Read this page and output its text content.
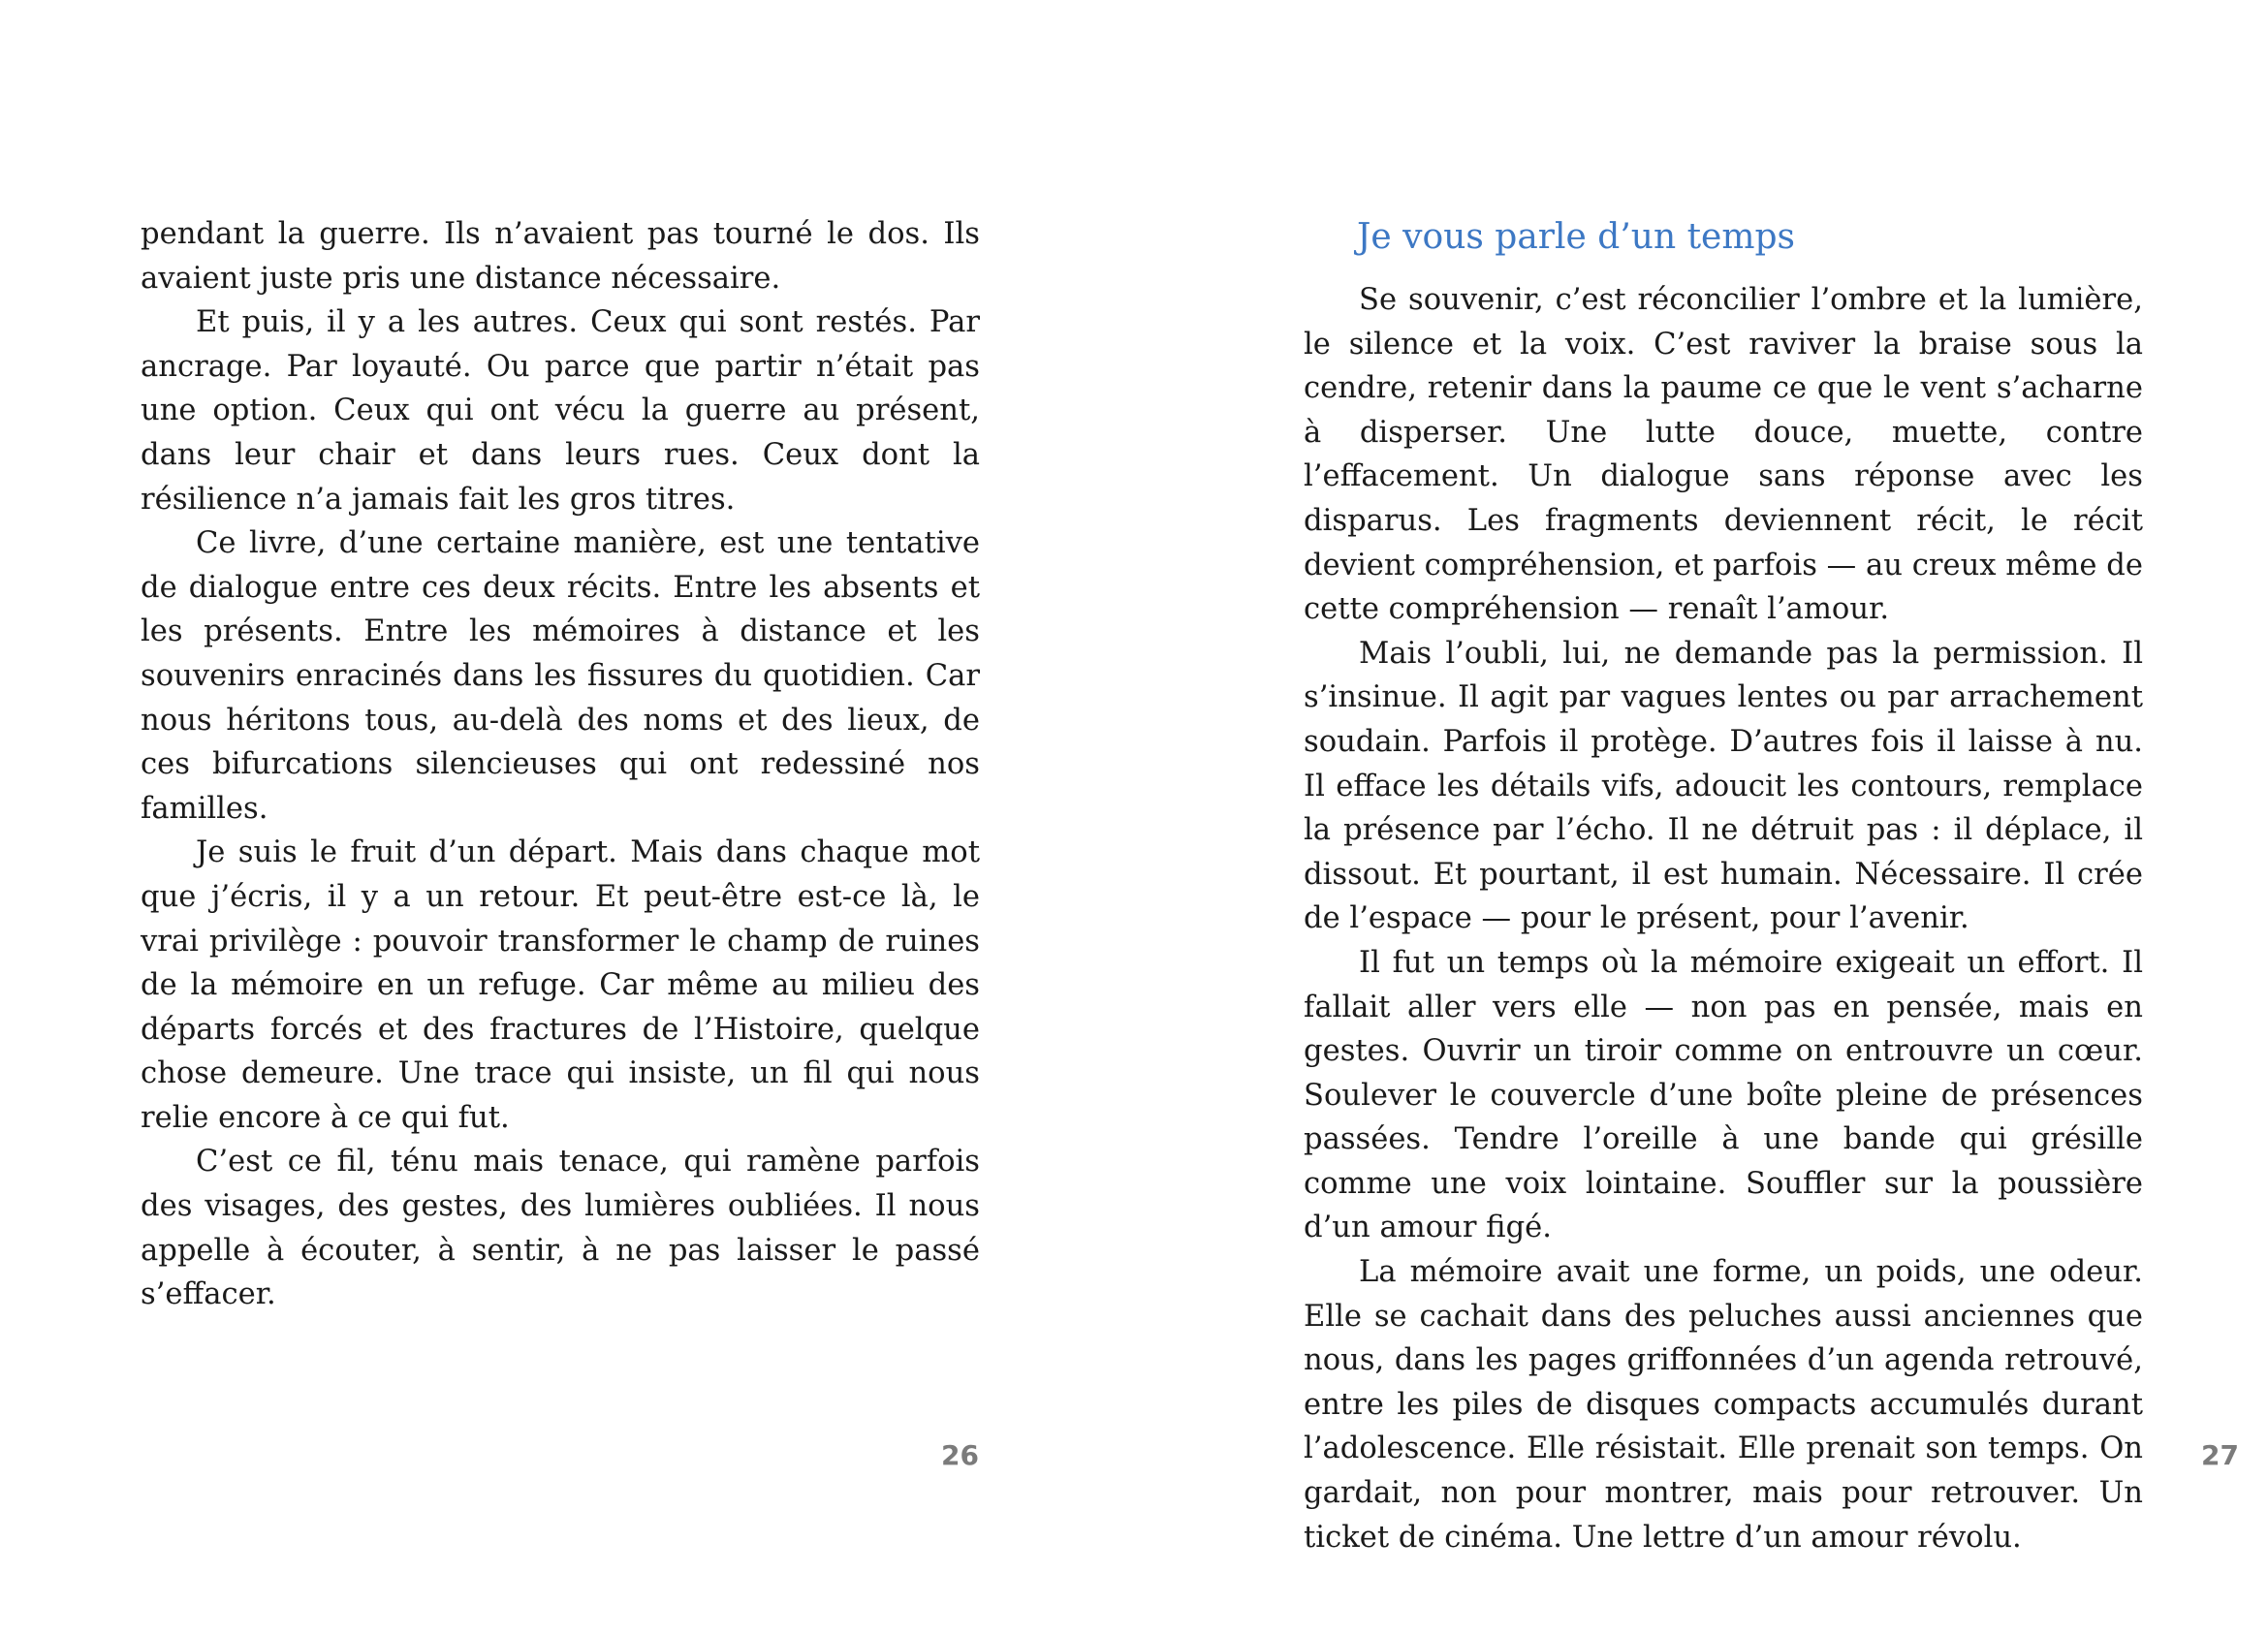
pendant la guerre. Ils n’avaient pas tourné le dos. Ils avaient juste pris une distance nécessaire.

Et puis, il y a les autres. Ceux qui sont restés. Par ancrage. Par loyauté. Ou parce que partir n’était pas une option. Ceux qui ont vécu la guerre au présent, dans leur chair et dans leurs rues. Ceux dont la résilience n’a jamais fait les gros titres.

Ce livre, d’une certaine manière, est une tentative de dialogue entre ces deux récits. Entre les absents et les présents. Entre les mémoires à distance et les souvenirs enracinés dans les fissures du quotidien. Car nous héritons tous, au-delà des noms et des lieux, de ces bifurcations silencieuses qui ont redessiné nos familles.

Je suis le fruit d’un départ. Mais dans chaque mot que j’écris, il y a un retour. Et peut-être est-ce là, le vrai privilège : pouvoir transformer le champ de ruines de la mémoire en un refuge. Car même au milieu des départs forcés et des fractures de l’Histoire, quelque chose demeure. Une trace qui insiste, un fil qui nous relie encore à ce qui fut.

C’est ce fil, ténu mais tenace, qui ramène parfois des visages, des gestes, des lumières oubliées. Il nous appelle à écouter, à sentir, à ne pas laisser le passé s’effacer.

26
Je vous parle d’un temps

Se souvenir, c’est réconcilier l’ombre et la lumière, le silence et la voix. C’est raviver la braise sous la cendre, retenir dans la paume ce que le vent s’acharne à disperser. Une lutte douce, muette, contre l’effacement. Un dialogue sans réponse avec les disparus. Les fragments deviennent récit, le récit devient compréhension, et parfois — au creux même de cette compréhension — renaît l’amour.

Mais l’oubli, lui, ne demande pas la permission. Il s’insinue. Il agit par vagues lentes ou par arrachement soudain. Parfois il protège. D’autres fois il laisse à nu. Il efface les détails vifs, adoucit les contours, remplace la présence par l’écho. Il ne détruit pas : il déplace, il dissout. Et pourtant, il est humain. Nécessaire. Il crée de l’espace — pour le présent, pour l’avenir.

Il fut un temps où la mémoire exigeait un effort. Il fallait aller vers elle — non pas en pensée, mais en gestes. Ouvrir un tiroir comme on entrouvre un cœur. Soulever le couvercle d’une boîte pleine de présences passées. Tendre l’oreille à une bande qui grésille comme une voix lointaine. Souffler sur la poussière d’un amour figé.

La mémoire avait une forme, un poids, une odeur. Elle se cachait dans des peluches aussi anciennes que nous, dans les pages griffonnées d’un agenda retrouvé, entre les piles de disques compacts accumulés durant l’adolescence. Elle résistait. Elle prenait son temps. On gardait, non pour montrer, mais pour retrouver. Un ticket de cinéma. Une lettre d’un amour révolu.

27
